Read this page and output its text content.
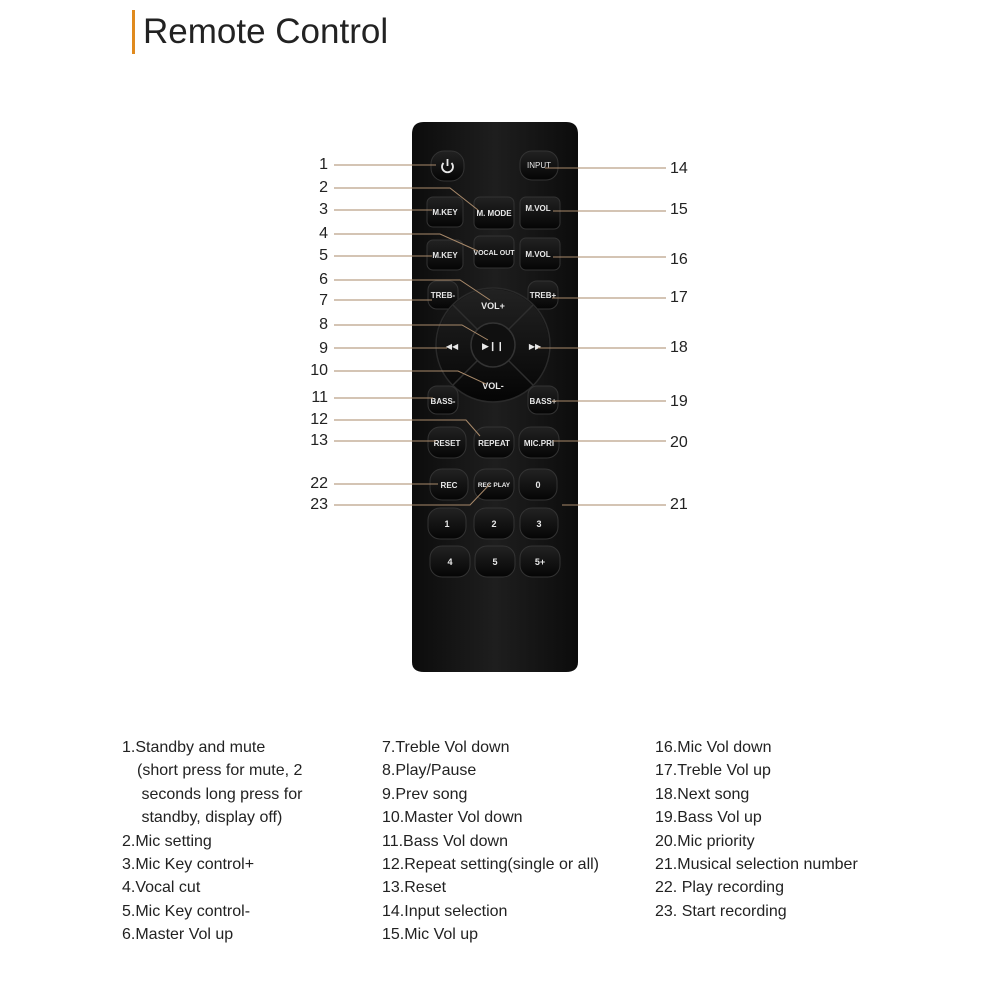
Remote Control
INPUT
M.KEY
M.KEY
M. MODE
VOCAL OUT
M.VOL
M.VOL
TREB-	TREB+
VOL+
VOL-
◀◀	▶▶
▶❙❙
BASS-	BASS+
RESET REPEAT MIC.PRI
REC	REC PLAY	0
1	2	3
4	5	5+
1
2
3
4
5
6
7
8
9
10
11
12
13
22
23
14
15
16
17
18
19
20
21
1.Standby and mute
(short press for mute, 2
seconds long press for
standby, display off)
2.Mic setting
3.Mic Key control+
4.Vocal cut
5.Mic Key control-
6.Master Vol up
7.Treble Vol down
8.Play/Pause
9.Prev song
10.Master Vol down
11.Bass Vol down
12.Repeat setting(single or all)
13.Reset
14.Input selection
15.Mic Vol up
16.Mic Vol down
17.Treble Vol up
18.Next song
19.Bass Vol up
20.Mic priority
21.Musical selection number
22. Play recording
23. Start recording
